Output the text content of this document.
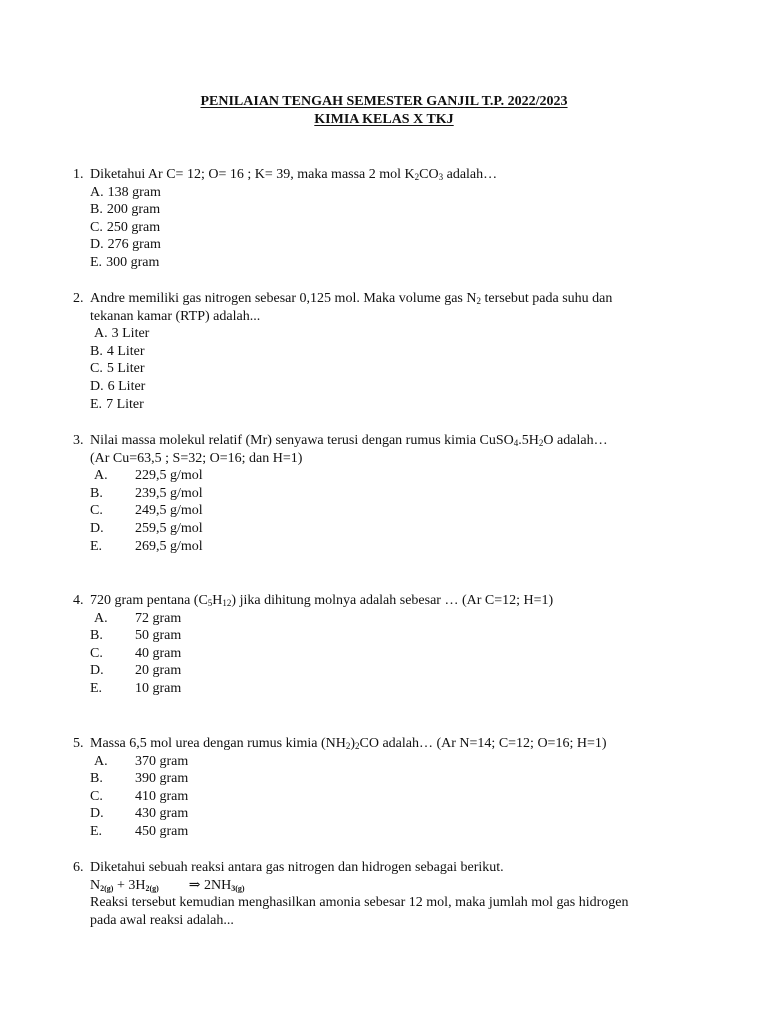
PENILAIAN TENGAH SEMESTER GANJIL T.P. 2022/2023
KIMIA KELAS X TKJ
1. Diketahui Ar C= 12; O= 16 ; K= 39, maka massa 2 mol $K_2CO_3$ adalah…
A. 138 gram
B. 200 gram
C. 250 gram
D. 276 gram
E. 300 gram
2. Andre memiliki gas nitrogen sebesar 0,125 mol. Maka volume gas $N_2$ tersebut pada suhu dan
tekanan kamar (RTP) adalah...
A. 3 Liter
B. 4 Liter
C. 5 Liter
D. 6 Liter
E. 7 Liter
3. Nilai massa molekul relatif (Mr) senyawa terusi dengan rumus kimia $CuSO_4.5H_2O$ adalah…
(Ar Cu=63,5 ; S=32; O=16; dan H=1)
A. 229,5 g/mol
B. 239,5 g/mol
C. 249,5 g/mol
D. 259,5 g/mol
E. 269,5 g/mol
4. 720 gram pentana $(C_5H_{12})$ jika dihitung molnya adalah sebesar … (Ar C=12; H=1)
A. 72 gram
B. 50 gram
C. 40 gram
D. 20 gram
E. 10 gram
5. Massa 6,5 mol urea dengan rumus kimia $(NH_2)_2CO$ adalah… (Ar N=14; C=12; O=16; H=1)
A. 370 gram
B. 390 gram
C. 410 gram
D. 430 gram
E. 450 gram
6. Diketahui sebuah reaksi antara gas nitrogen dan hidrogen sebagai berikut.
$N_{2(g)} + 3H_{2(g)}$ ⇒ $2NH_{3(g)}$
Reaksi tersebut kemudian menghasilkan amonia sebesar 12 mol, maka jumlah mol gas hidrogen
pada awal reaksi adalah...
